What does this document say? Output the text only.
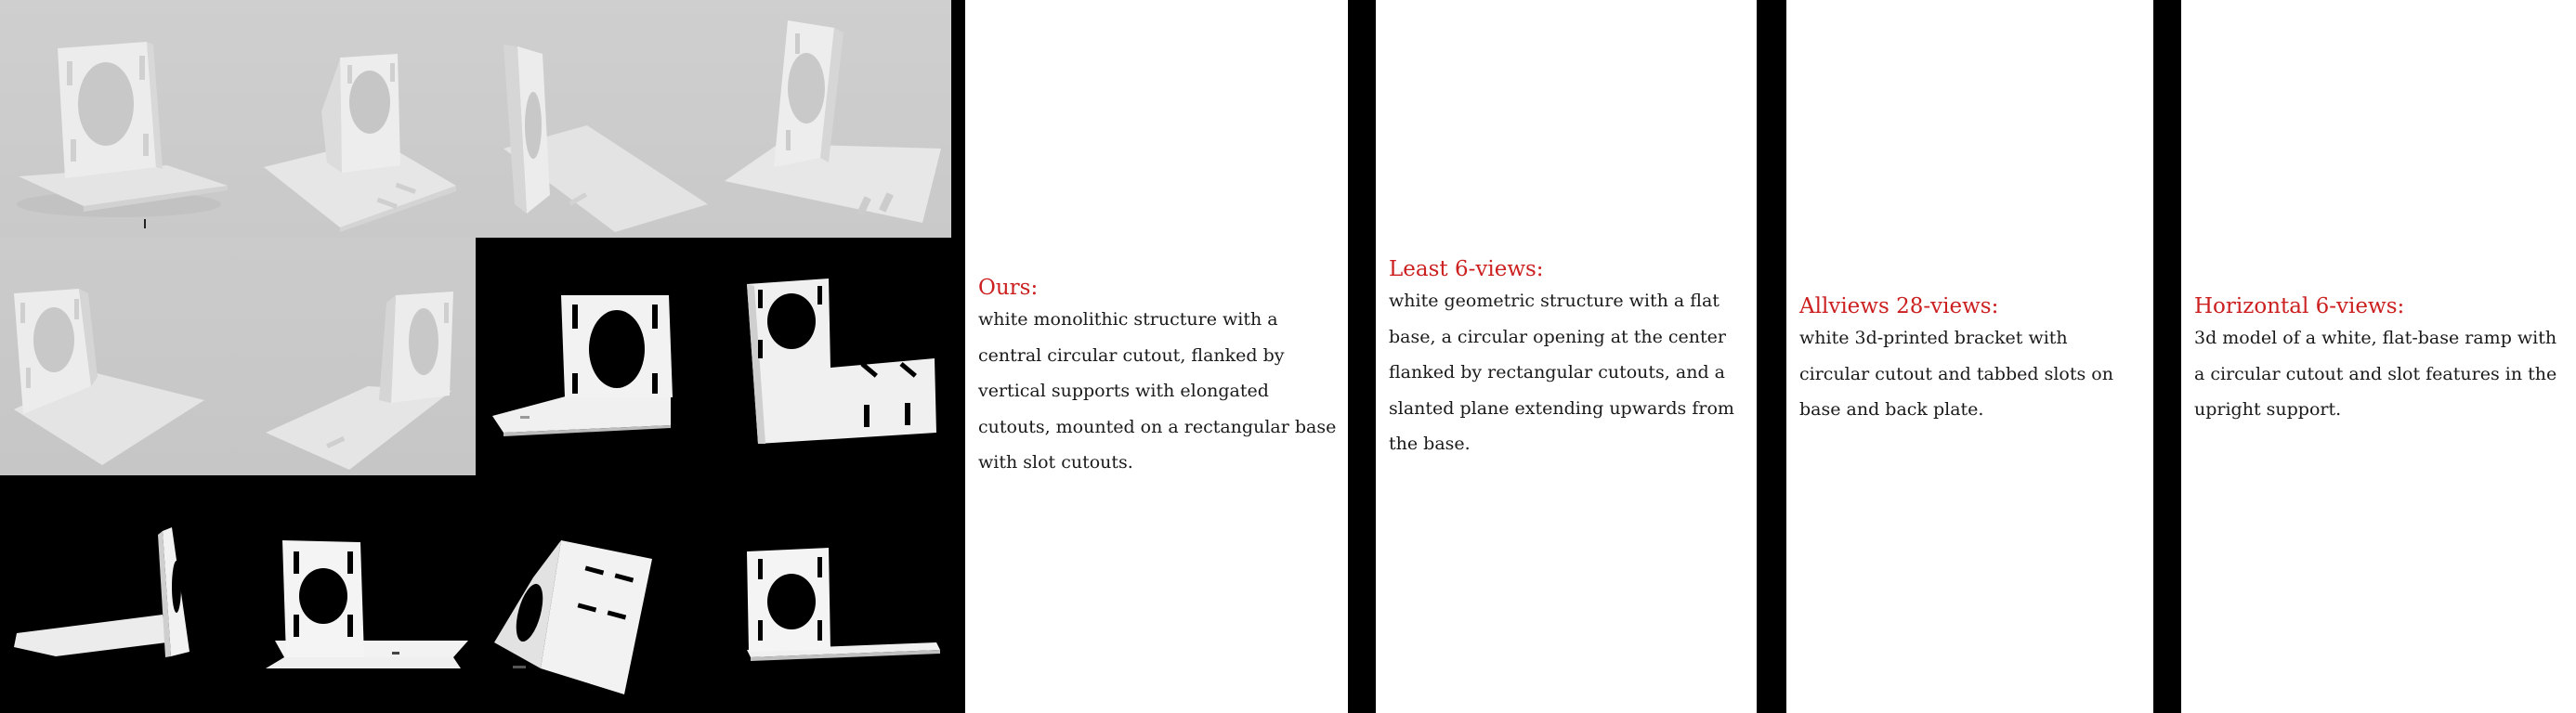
Ours:
white monolithic structure with a central circular cutout, flanked by vertical supports with elongated cutouts, mounted on a rectangular base with slot cutouts.
Least 6-views:
white geometric structure with a flat base, a circular opening at the center flanked by rectangular cutouts, and a slanted plane extending upwards from the base.
Allviews 28-views:
white 3d-printed bracket with circular cutout and tabbed slots on base and back plate.
Horizontal 6-views:
3d model of a white, flat-base ramp with a circular cutout and slot features in the upright support.
